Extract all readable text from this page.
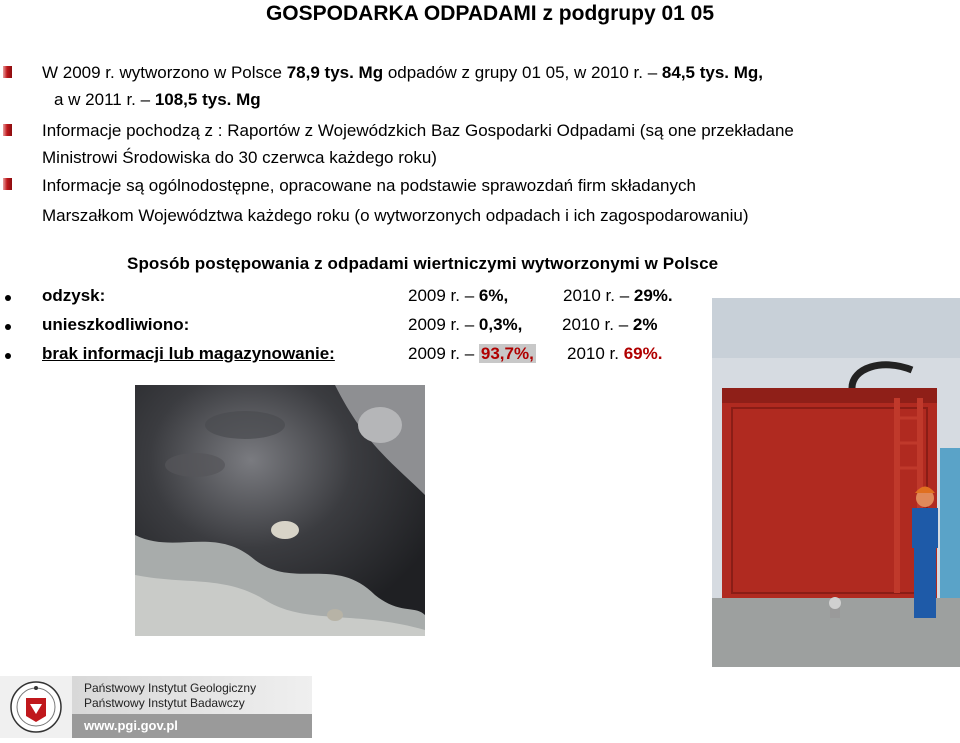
GOSPODARKA ODPADAMI z podgrupy 01 05
W 2009 r. wytworzono w Polsce 78,9 tys. Mg odpadów z grupy 01 05, w 2010 r. – 84,5 tys. Mg,
a w 2011 r. – 108,5 tys. Mg
Informacje pochodzą z : Raportów z Wojewódzkich Baz Gospodarki Odpadami (są one przekładane
Ministrowi Środowiska do 30 czerwca każdego roku)
Informacje są ogólnodostępne, opracowane na podstawie sprawozdań firm składanych
Marszałkom Województwa każdego roku (o wytworzonych odpadach i ich zagospodarowaniu)
Sposób postępowania z odpadami wiertniczymi wytworzonymi w Polsce
odzysk:	2009 r. – 6%,	2010 r. – 29%.
unieszkodliwiono:	2009 r. – 0,3%, 2010 r. – 2%
brak informacji lub magazynowanie:	2009 r. – 93,7%, 2010 r. 69%.
Państwowy Instytut Geologiczny
Państwowy Instytut Badawczy
www.pgi.gov.pl
